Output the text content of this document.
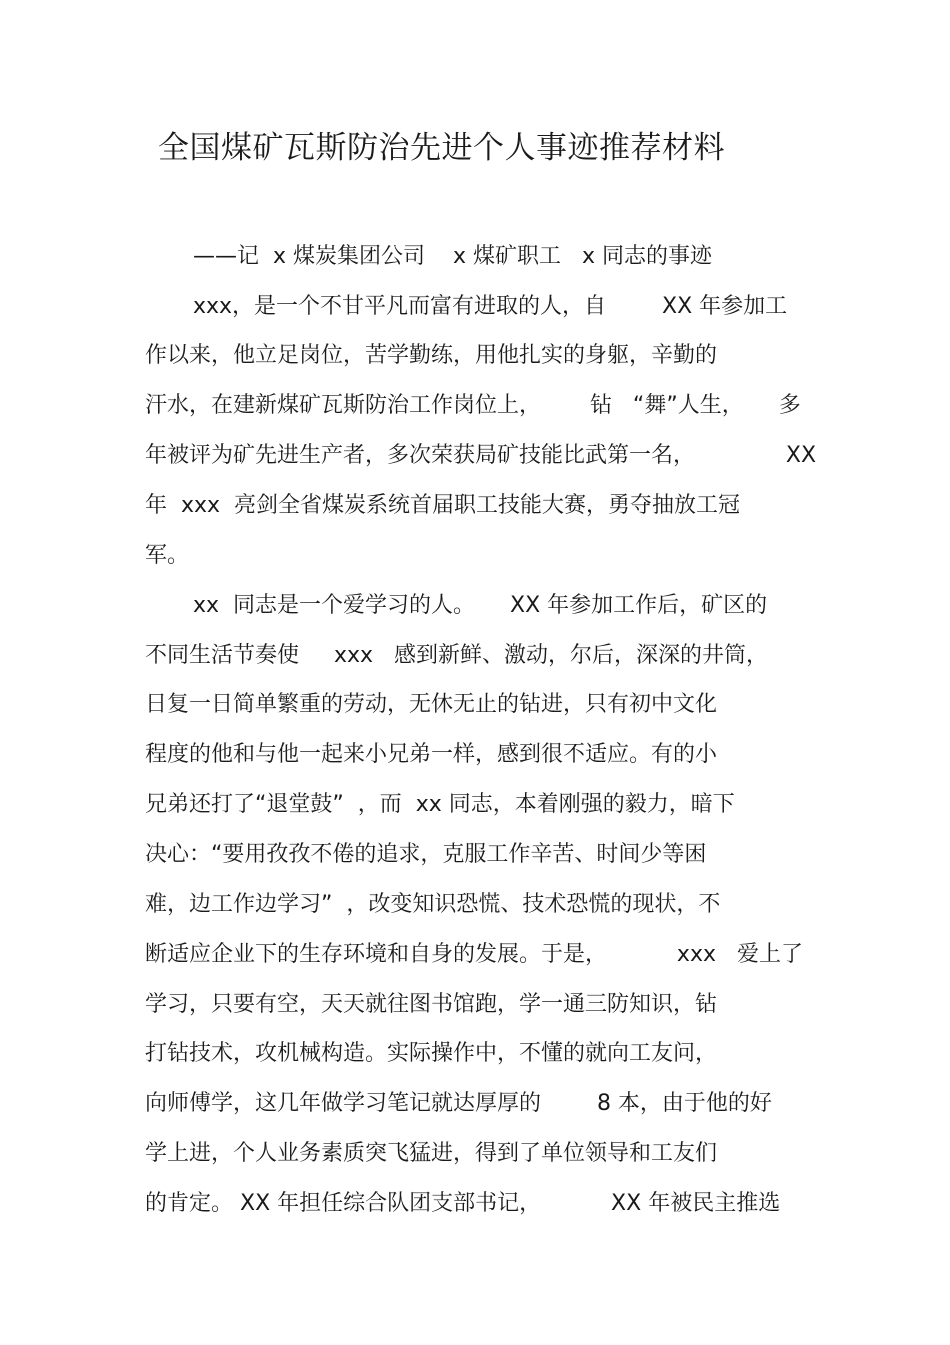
全国煤矿瓦斯防治先进个人事迹推荐材料

——记  x 煤炭集团公司    x 煤矿职工   x 同志的事迹

xxx，是一个不甘平凡而富有进取的人，自        XX 年参加工

作以来，他立足岗位，苦学勤练，用他扎实的身躯，辛勤的

汗水，在建新煤矿瓦斯防治工作岗位上，       钻   “舞”人生，     多

年被评为矿先进生产者，多次荣获局矿技能比武第一名，             XX

年  xxx  亮剑全省煤炭系统首届职工技能大赛，勇夺抽放工冠

军。

xx  同志是一个爱学习的人。     XX 年参加工作后，矿区的

不同生活节奏使     xxx   感到新鲜、激动，尔后，深深的井筒，

日复一日简单繁重的劳动，无休无止的钻进，只有初中文化

程度的他和与他一起来小兄弟一样，感到很不适应。有的小

兄弟还打了“退堂鼓”  ，而  xx 同志，本着刚强的毅力，暗下

决心：“要用孜孜不倦的追求，克服工作辛苦、时间少等困

难，边工作边学习”  ，改变知识恐慌、技术恐慌的现状，不

断适应企业下的生存环境和自身的发展。于是，          xxx   爱上了

学习，只要有空，天天就往图书馆跑，学一通三防知识，钻

打钻技术，攻机械构造。实际操作中，不懂的就向工友问，

向师傅学，这几年做学习笔记就达厚厚的        8 本，由于他的好

学上进，个人业务素质突飞猛进，得到了单位领导和工友们

的肯定。 XX 年担任综合队团支部书记，          XX 年被民主推选
